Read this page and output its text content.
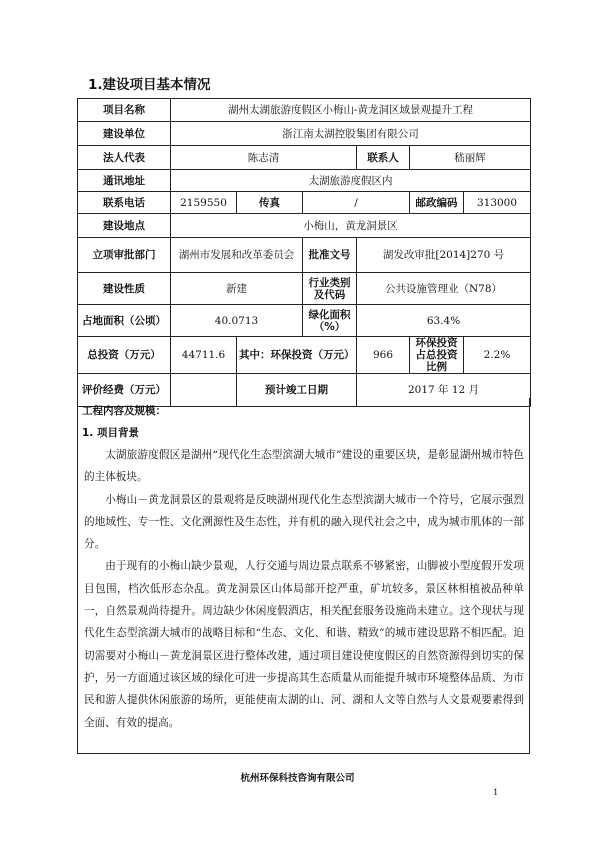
1.建设项目基本情况
项目名称	湖州太湖旅游度假区小梅山-黄龙洞区域景观提升工程					
建设单位	浙江南太湖控股集团有限公司					
法人代表	陈志清			联系人	嵇丽辉	
通讯地址	太湖旅游度假区内					
联系电话	2159550	传真	/		邮政编码	313000
建设地点	小梅山，黄龙洞景区					
立项审批部门	湖州市发展和改革委员会		批准文号	湖发改审批[2014]270 号		
建设性质	新建		行业类别及代码	公共设施管理业（N78）		
占地面积（公顷）	40.0713		绿化面积（%）	63.4%		
总投资（万元）	44711.6	其中：环保投资（万元）		966	环保投资占总投资比例	2.2%
评价经费（万元）		预计竣工日期		2017 年 12 月		
工程内容及规模：
1. 项目背景

太湖旅游度假区是湖州“现代化生态型滨湖大城市”建设的重要区块，是彰显湖州城市特色的主体板块。

小梅山－黄龙洞景区的景观将是反映湖州现代化生态型滨湖大城市一个符号，它展示强烈的地域性、专一性、文化溯源性及生态性，并有机的融入现代社会之中，成为城市肌体的一部分。

由于现有的小梅山缺少景观，人行交通与周边景点联系不够紧密，山脚被小型度假开发项目包围，档次低形态杂乱。黄龙洞景区山体局部开挖严重，矿坑较多，景区林相植被品种单一，自然景观尚待提升。周边缺少休闲度假酒店，相关配套服务设施尚未建立。这个现状与现代化生态型滨湖大城市的战略目标和“生态、文化、和谐、精致”的城市建设思路不相匹配。迫切需要对小梅山－黄龙洞景区进行整体改建，通过项目建设使度假区的自然资源得到切实的保护，另一方面通过该区域的绿化可进一步提高其生态质量从而能提升城市环境整体品质、为市民和游人提供休闲旅游的场所，更能使南太湖的山、河、湖和人文等自然与人文景观要素得到全面、有效的提高。

杭州环保科技咨询有限公司
1
